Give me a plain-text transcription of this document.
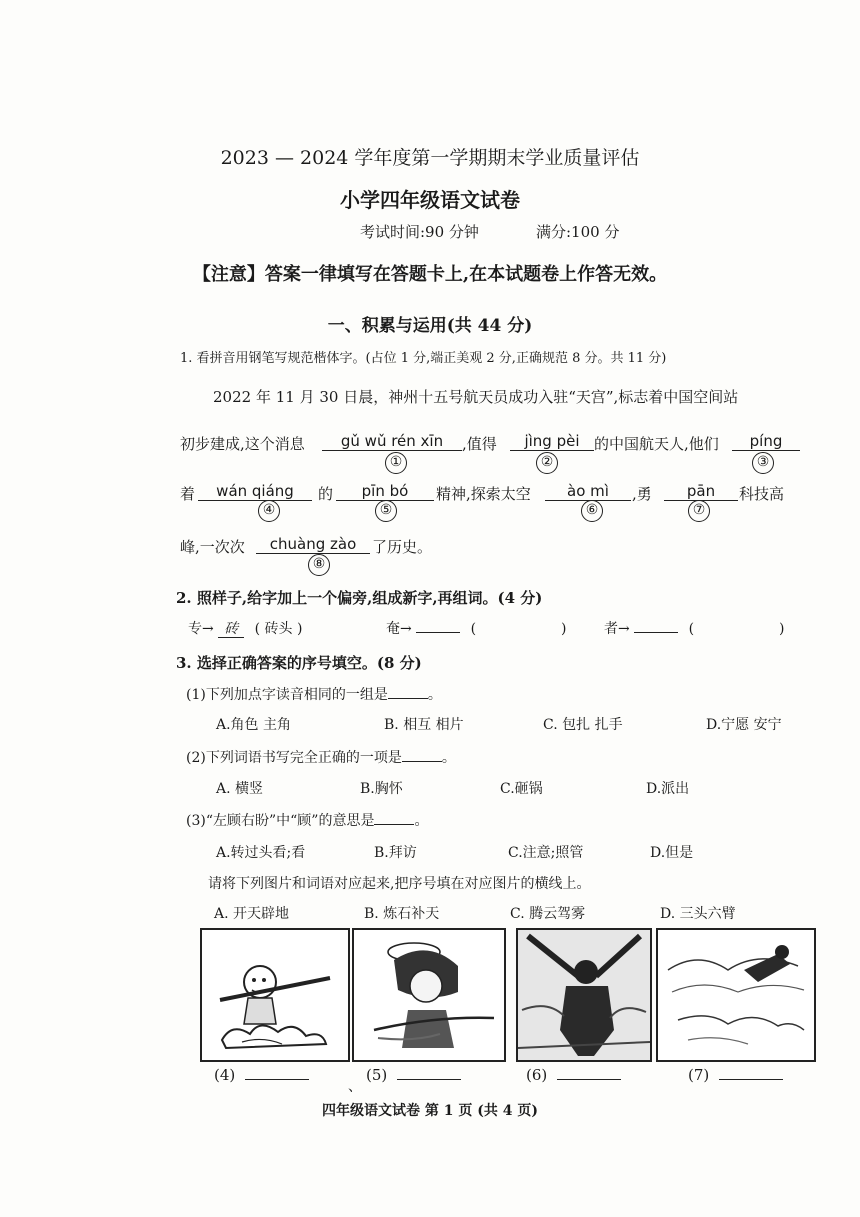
2023 — 2024 学年度第一学期期末学业质量评估
小学四年级语文试卷
考试时间:90 分钟	满分:100 分
【注意】答案一律填写在答题卡上,在本试题卷上作答无效。
一、积累与运用(共 44 分)
1. 看拼音用钢笔写规范楷体字。(占位 1 分,端正美观 2 分,正确规范 8 分。共 11 分)
2022 年 11 月 30 日晨，神州十五号航天员成功入驻“天宫”,标志着中国空间站
初步建成,这个消息	gǔ wǔ rén xīn
①
,值得	jìng pèi
②
的中国航天人,他们	píng
③
着	wán qiáng
④
的	pīn bó
⑤
精神,探索太空	ào mì
⑥
,勇	pān
⑦
科技高
峰,一次次	chuàng zào
⑧
了历史。
2. 照样子,给字加上一个偏旁,组成新字,再组词。(4 分)
专→ 砖 ( 砖头 )	奄→	(	)	者→	(	)
3. 选择正确答案的序号填空。(8 分)
(1)下列加点字读音相同的一组是	。
A.角色 主角	B. 相互 相片	C. 包扎 扎手	D.宁愿 安宁
(2)下列词语书写完全正确的一项是	。
A. 横竖	B.胸怀	C.砸锅	D.派出
(3)“左顾右盼”中“顾”的意思是	。
A.转过头看;看	B.拜访	C.注意;照管	D.但是
请将下列图片和词语对应起来,把序号填在对应图片的横线上。
A. 开天辟地	B. 炼石补天	C. 腾云驾雾	D. 三头六臂
(4)
、
(5)	(6)	(7)
四年级语文试卷 第 1 页 (共 4 页)
